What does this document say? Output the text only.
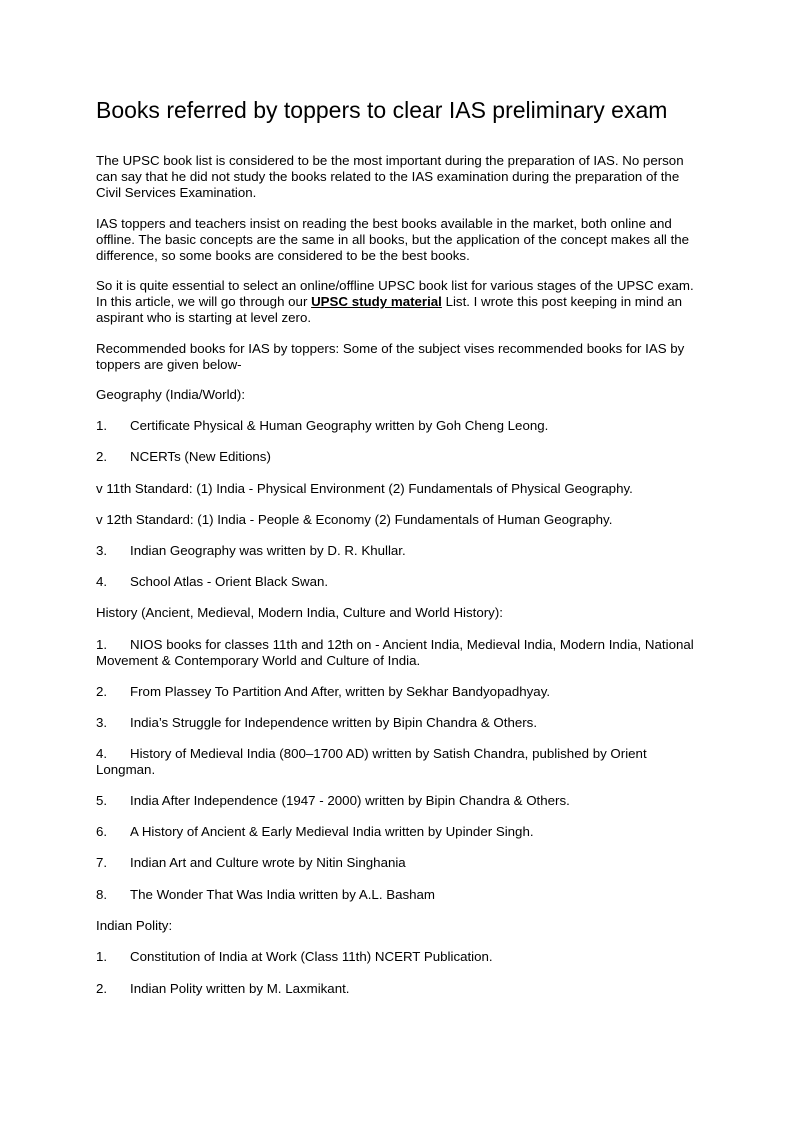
Books referred by toppers to clear IAS preliminary exam

The UPSC book list is considered to be the most important during the preparation of IAS. No person can say that he did not study the books related to the IAS examination during the preparation of the Civil Services Examination.

IAS toppers and teachers insist on reading the best books available in the market, both online and offline. The basic concepts are the same in all books, but the application of the concept makes all the difference, so some books are considered to be the best books.

So it is quite essential to select an online/offline UPSC book list for various stages of the UPSC exam. In this article, we will go through our UPSC study material List. I wrote this post keeping in mind an aspirant who is starting at level zero.

Recommended books for IAS by toppers: Some of the subject vises recommended books for IAS by toppers are given below-

Geography (India/World):

1. Certificate Physical & Human Geography written by Goh Cheng Leong.

2. NCERTs (New Editions)

v 11th Standard: (1) India - Physical Environment (2) Fundamentals of Physical Geography.

v 12th Standard: (1) India - People & Economy (2) Fundamentals of Human Geography.

3. Indian Geography was written by D. R. Khullar.

4. School Atlas - Orient Black Swan.

History (Ancient, Medieval, Modern India, Culture and World History):

1. NIOS books for classes 11th and 12th on - Ancient India, Medieval India, Modern India, National Movement & Contemporary World and Culture of India.

2. From Plassey To Partition And After, written by Sekhar Bandyopadhyay.

3. India’s Struggle for Independence written by Bipin Chandra & Others.

4. History of Medieval India (800–1700 AD) written by Satish Chandra, published by Orient Longman.

5. India After Independence (1947 - 2000) written by Bipin Chandra & Others.

6. A History of Ancient & Early Medieval India written by Upinder Singh.

7. Indian Art and Culture wrote by Nitin Singhania

8. The Wonder That Was India written by A.L. Basham

Indian Polity:

1. Constitution of India at Work (Class 11th) NCERT Publication.

2. Indian Polity written by M. Laxmikant.
